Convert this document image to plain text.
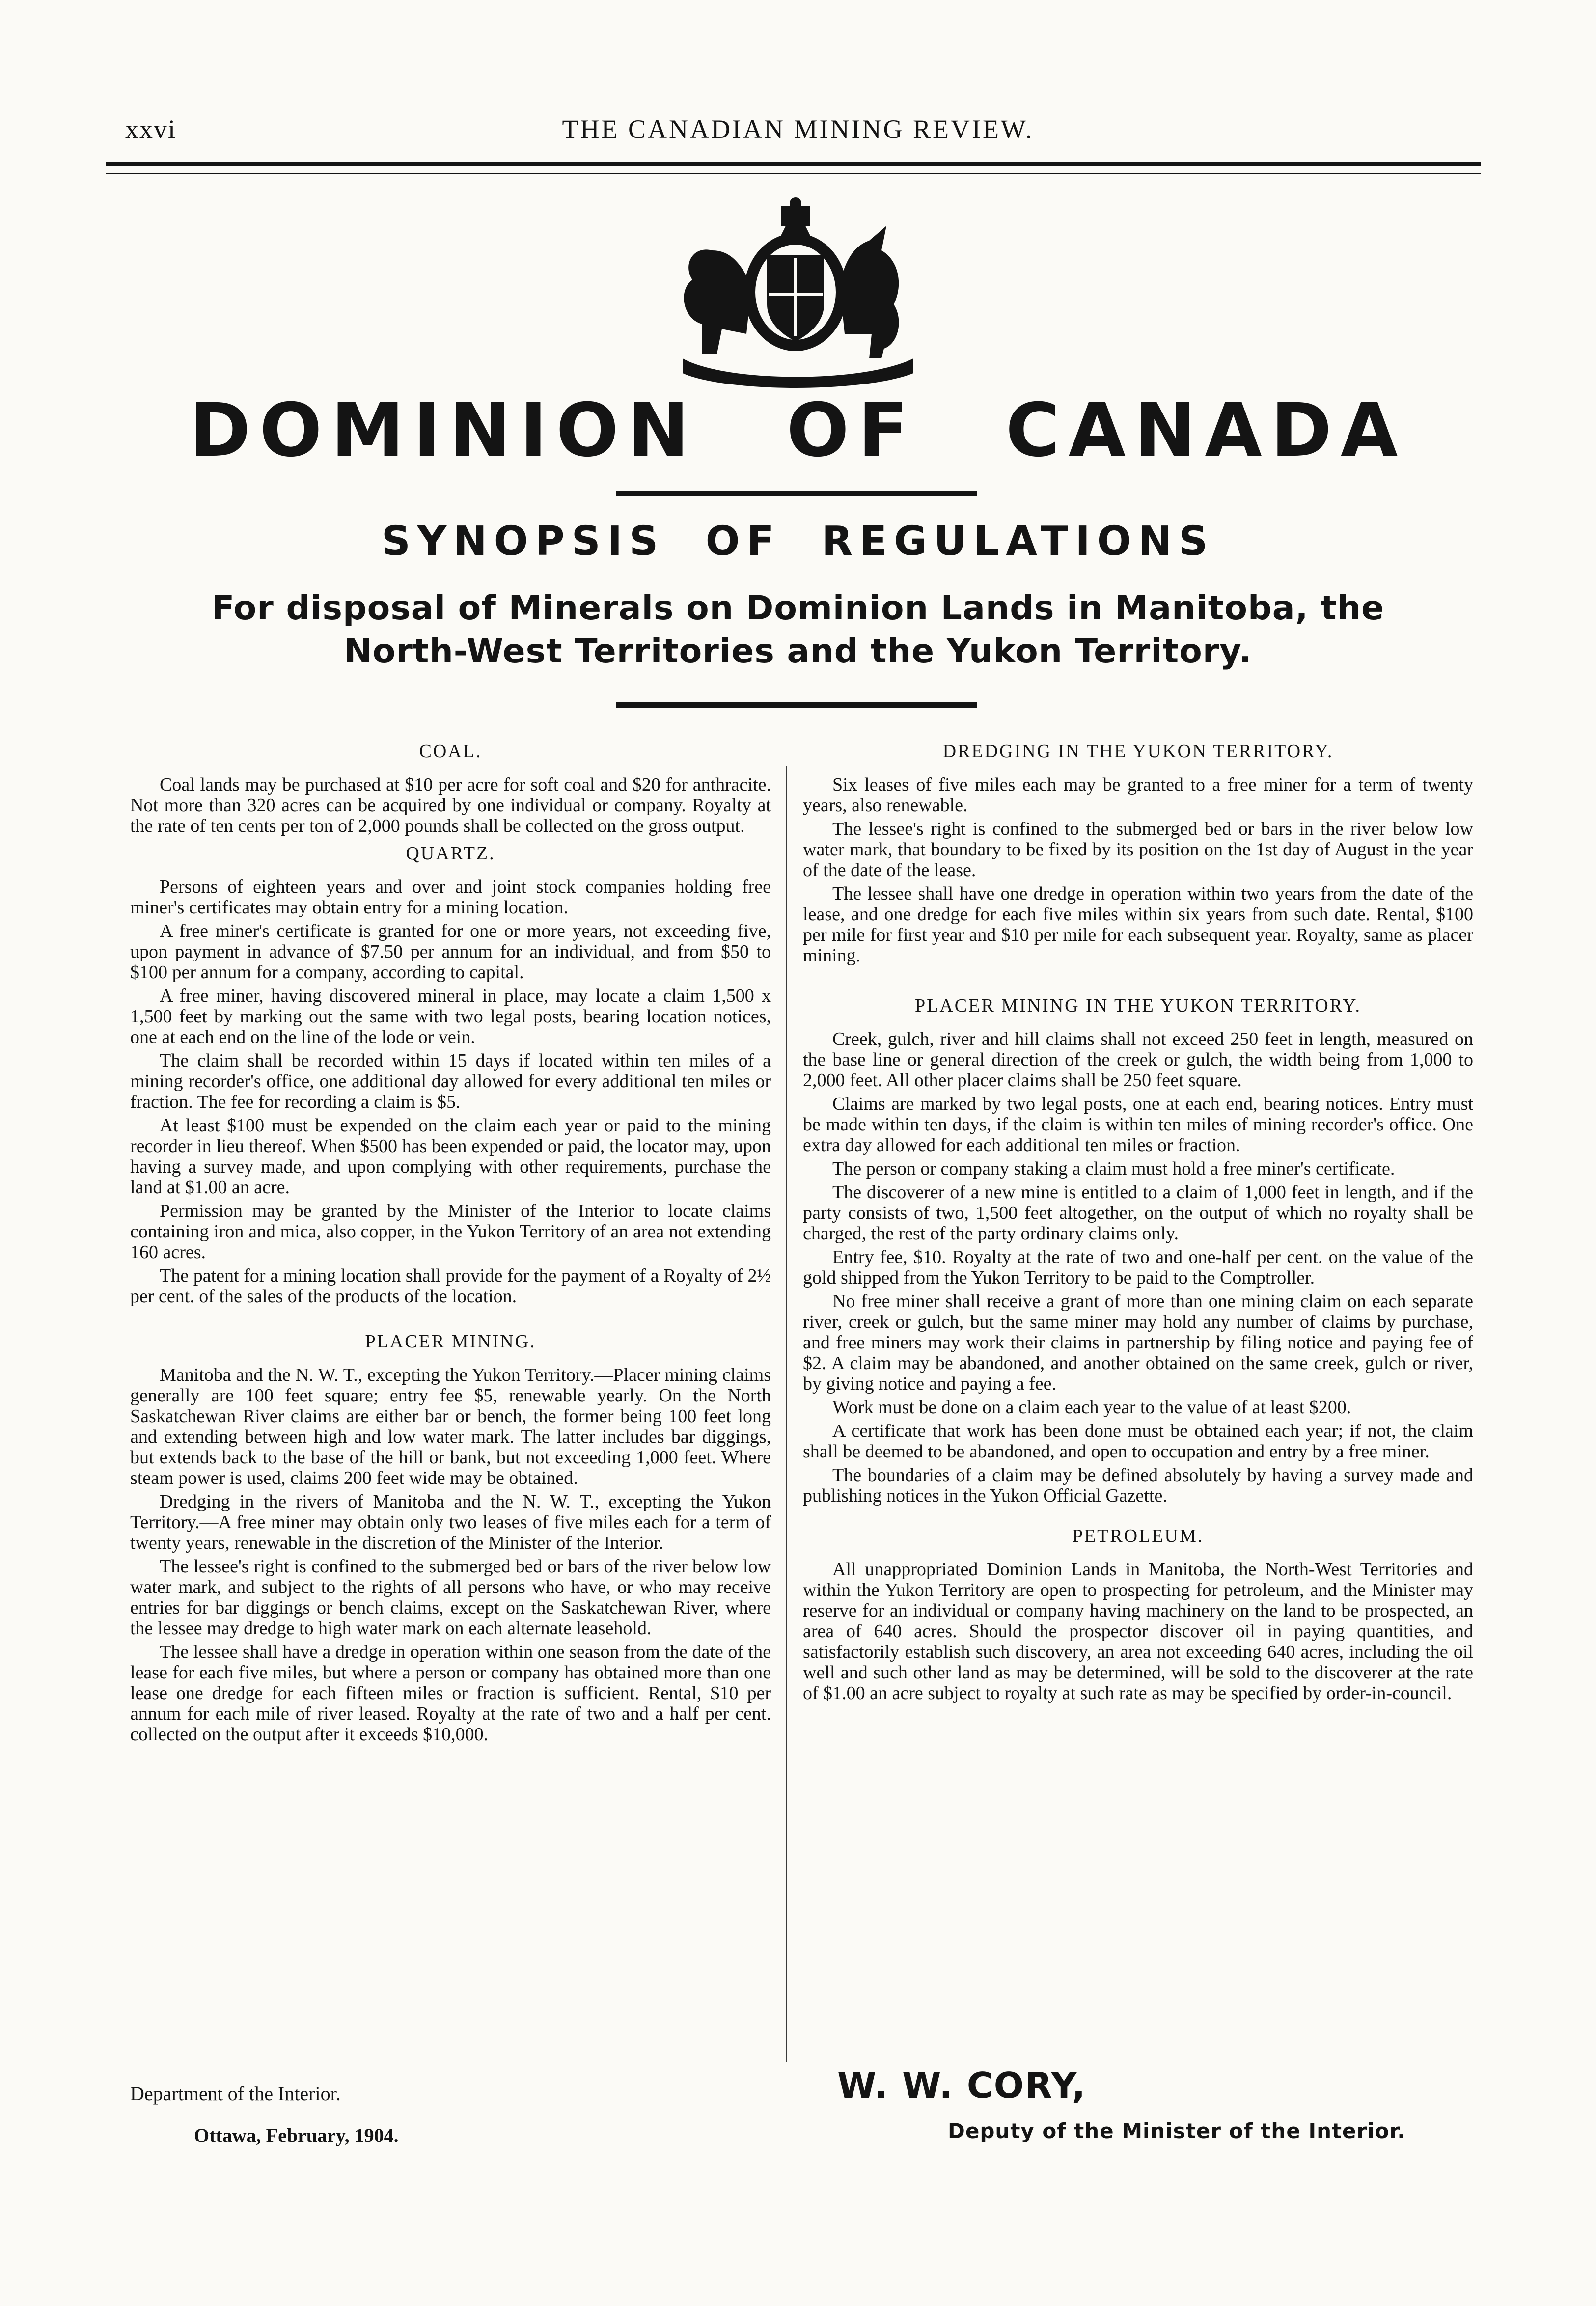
xxvi	THE CANADIAN MINING REVIEW.
DOMINION OF CANADA
SYNOPSIS OF REGULATIONS
For disposal of Minerals on Dominion Lands in Manitoba, the
North-West Territories and the Yukon Territory.
COAL.

Coal lands may be purchased at $10 per acre for soft coal and $20 for anthracite. Not more than 320 acres can be acquired by one individual or company. Royalty at the rate of ten cents per ton of 2,000 pounds shall be collected on the gross output.

QUARTZ.

Persons of eighteen years and over and joint stock companies holding free miner's certificates may obtain entry for a mining location.

A free miner's certificate is granted for one or more years, not exceeding five, upon payment in advance of $7.50 per annum for an individual, and from $50 to $100 per annum for a company, according to capital.

A free miner, having discovered mineral in place, may locate a claim 1,500 x 1,500 feet by marking out the same with two legal posts, bearing location notices, one at each end on the line of the lode or vein.

The claim shall be recorded within 15 days if located within ten miles of a mining recorder's office, one additional day allowed for every additional ten miles or fraction. The fee for recording a claim is $5.

At least $100 must be expended on the claim each year or paid to the mining recorder in lieu thereof. When $500 has been expended or paid, the locator may, upon having a survey made, and upon complying with other requirements, purchase the land at $1.00 an acre.

Permission may be granted by the Minister of the Interior to locate claims containing iron and mica, also copper, in the Yukon Territory of an area not extending 160 acres.

The patent for a mining location shall provide for the payment of a Royalty of 2½ per cent. of the sales of the products of the location.

PLACER MINING.

Manitoba and the N. W. T., excepting the Yukon Territory.—Placer mining claims generally are 100 feet square; entry fee $5, renewable yearly. On the North Saskatchewan River claims are either bar or bench, the former being 100 feet long and extending between high and low water mark. The latter includes bar diggings, but extends back to the base of the hill or bank, but not exceeding 1,000 feet. Where steam power is used, claims 200 feet wide may be obtained.

Dredging in the rivers of Manitoba and the N. W. T., excepting the Yukon Territory.—A free miner may obtain only two leases of five miles each for a term of twenty years, renewable in the discretion of the Minister of the Interior.

The lessee's right is confined to the submerged bed or bars of the river below low water mark, and subject to the rights of all persons who have, or who may receive entries for bar diggings or bench claims, except on the Saskatchewan River, where the lessee may dredge to high water mark on each alternate leasehold.

The lessee shall have a dredge in operation within one season from the date of the lease for each five miles, but where a person or company has obtained more than one lease one dredge for each fifteen miles or fraction is sufficient. Rental, $10 per annum for each mile of river leased. Royalty at the rate of two and a half per cent. collected on the output after it exceeds $10,000.

DREDGING IN THE YUKON TERRITORY.

Six leases of five miles each may be granted to a free miner for a term of twenty years, also renewable.

The lessee's right is confined to the submerged bed or bars in the river below low water mark, that boundary to be fixed by its position on the 1st day of August in the year of the date of the lease.

The lessee shall have one dredge in operation within two years from the date of the lease, and one dredge for each five miles within six years from such date. Rental, $100 per mile for first year and $10 per mile for each subsequent year. Royalty, same as placer mining.

PLACER MINING IN THE YUKON TERRITORY.

Creek, gulch, river and hill claims shall not exceed 250 feet in length, measured on the base line or general direction of the creek or gulch, the width being from 1,000 to 2,000 feet. All other placer claims shall be 250 feet square.

Claims are marked by two legal posts, one at each end, bearing notices. Entry must be made within ten days, if the claim is within ten miles of mining recorder's office. One extra day allowed for each additional ten miles or fraction.

The person or company staking a claim must hold a free miner's certificate.

The discoverer of a new mine is entitled to a claim of 1,000 feet in length, and if the party consists of two, 1,500 feet altogether, on the output of which no royalty shall be charged, the rest of the party ordinary claims only.

Entry fee, $10. Royalty at the rate of two and one-half per cent. on the value of the gold shipped from the Yukon Territory to be paid to the Comptroller.

No free miner shall receive a grant of more than one mining claim on each separate river, creek or gulch, but the same miner may hold any number of claims by purchase, and free miners may work their claims in partnership by filing notice and paying fee of $2. A claim may be abandoned, and another obtained on the same creek, gulch or river, by giving notice and paying a fee.

Work must be done on a claim each year to the value of at least $200.

A certificate that work has been done must be obtained each year; if not, the claim shall be deemed to be abandoned, and open to occupation and entry by a free miner.

The boundaries of a claim may be defined absolutely by having a survey made and publishing notices in the Yukon Official Gazette.

PETROLEUM.

All unappropriated Dominion Lands in Manitoba, the North-West Territories and within the Yukon Territory are open to prospecting for petroleum, and the Minister may reserve for an individual or company having machinery on the land to be prospected, an area of 640 acres. Should the prospector discover oil in paying quantities, and satisfactorily establish such discovery, an area not exceeding 640 acres, including the oil well and such other land as may be determined, will be sold to the discoverer at the rate of $1.00 an acre subject to royalty at such rate as may be specified by order-in-council.

Department of the Interior.
Ottawa, February, 1904.
W. W. CORY,
Deputy of the Minister of the Interior.
